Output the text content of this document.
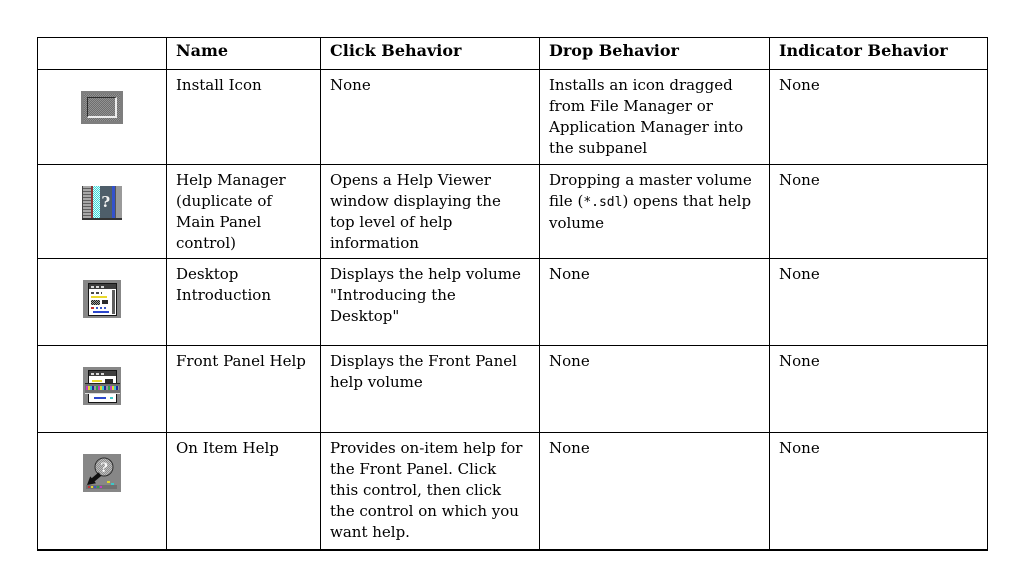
	Name	Click Behavior	Drop Behavior	Indicator Behavior

	Install Icon	None	Installs an icon dragged from File Manager or Application Manager into the subpanel	None

?	Help Manager (duplicate of Main Panel control)	Opens a Help Viewer window displaying the top level of help information	Dropping a master volume file (*.sdl) opens that help volume	None

	Desktop Introduction	Displays the help volume "Introducing the Desktop"	None	None

	Front Panel Help	Displays the Front Panel help volume	None	None

?	On Item Help	Provides on-item help for the Front Panel. Click this control, then click the control on which you want help.	None	None
